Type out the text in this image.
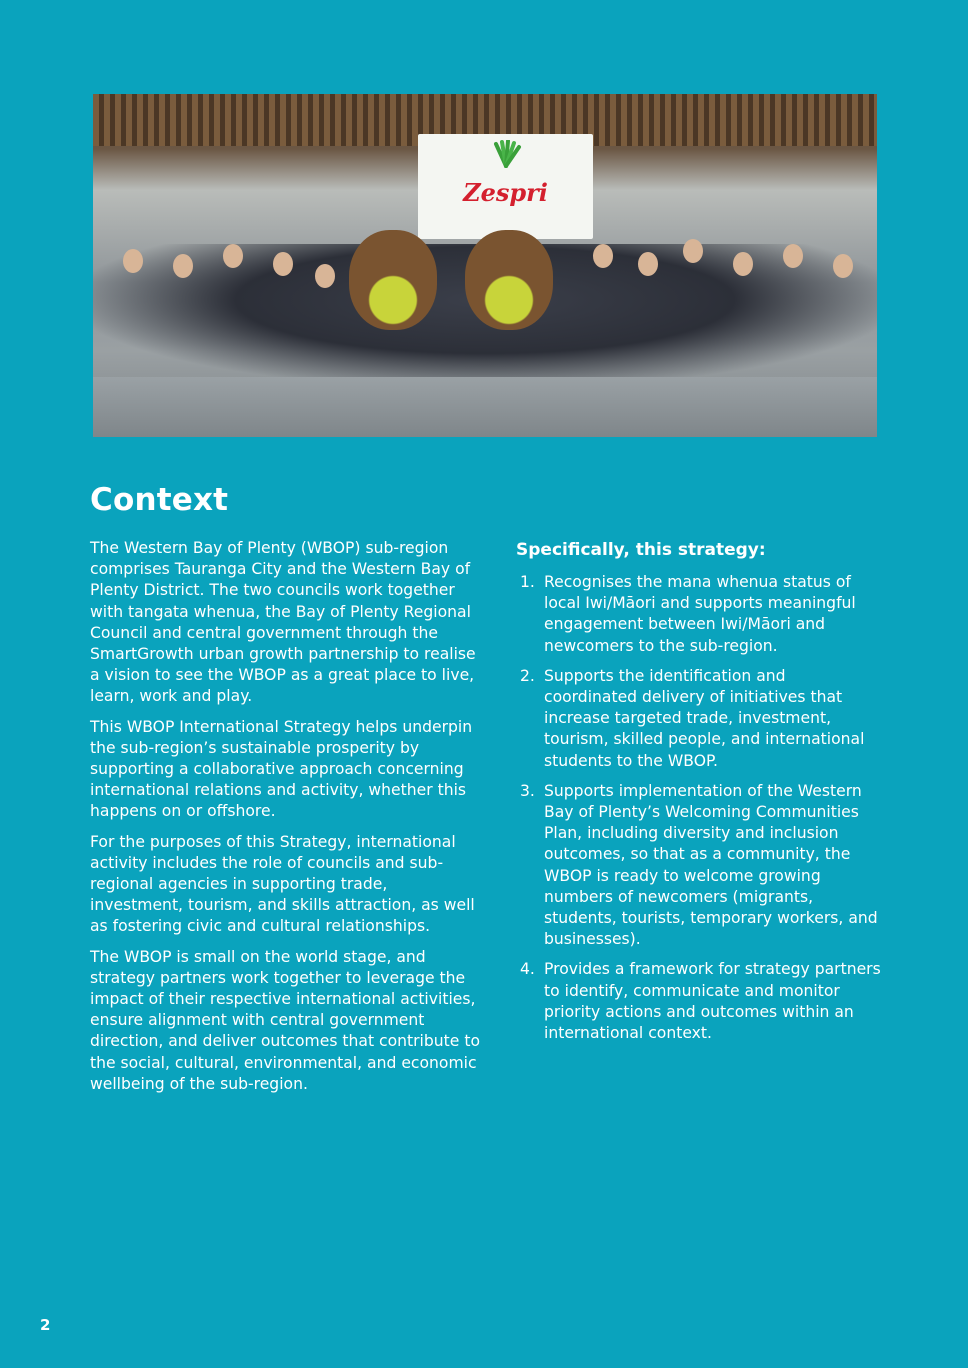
Zespri
Context

The Western Bay of Plenty (WBOP) sub-region comprises Tauranga City and the Western Bay of Plenty District. The two councils work together with tangata whenua, the Bay of Plenty Regional Council and central government through the SmartGrowth urban growth partnership to realise a vision to see the WBOP as a great place to live, learn, work and play.

This WBOP International Strategy helps underpin the sub-region’s sustainable prosperity by supporting a collaborative approach concerning international relations and activity, whether this happens on or offshore.

For the purposes of this Strategy, international activity includes the role of councils and sub-regional agencies in supporting trade, investment, tourism, and skills attraction, as well as fostering civic and cultural relationships.

The WBOP is small on the world stage, and strategy partners work together to leverage the impact of their respective international activities, ensure alignment with central government direction, and deliver outcomes that contribute to the social, cultural, environmental, and economic wellbeing of the sub-region.

Specifically, this strategy:
1. Recognises the mana whenua status of local Iwi/Māori and supports meaningful engagement between Iwi/Māori and newcomers to the sub-region.
2. Supports the identification and coordinated delivery of initiatives that increase targeted trade, investment, tourism, skilled people, and international students to the WBOP.
3. Supports implementation of the Western Bay of Plenty’s Welcoming Communities Plan, including diversity and inclusion outcomes, so that as a community, the WBOP is ready to welcome growing numbers of newcomers (migrants, students, tourists, temporary workers, and businesses).
4. Provides a framework for strategy partners to identify, communicate and monitor priority actions and outcomes within an international context.
2
